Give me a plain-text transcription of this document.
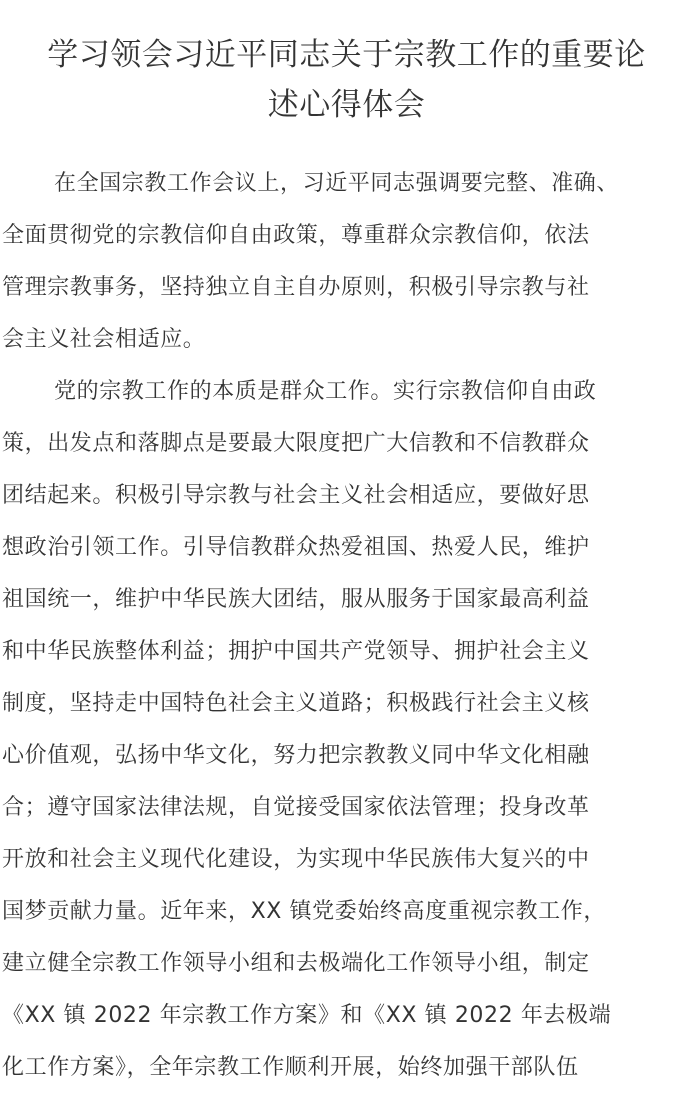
学习领会习近平同志关于宗教工作的重要论
述心得体会
在全国宗教工作会议上，习近平同志强调要完整、准确、
全面贯彻党的宗教信仰自由政策，尊重群众宗教信仰，依法
管理宗教事务，坚持独立自主自办原则，积极引导宗教与社
会主义社会相适应。
党的宗教工作的本质是群众工作。实行宗教信仰自由政
策，出发点和落脚点是要最大限度把广大信教和不信教群众
团结起来。积极引导宗教与社会主义社会相适应，要做好思
想政治引领工作。引导信教群众热爱祖国、热爱人民，维护
祖国统一，维护中华民族大团结，服从服务于国家最高利益
和中华民族整体利益；拥护中国共产党领导、拥护社会主义
制度，坚持走中国特色社会主义道路；积极践行社会主义核
心价值观，弘扬中华文化，努力把宗教教义同中华文化相融
合；遵守国家法律法规，自觉接受国家依法管理；投身改革
开放和社会主义现代化建设，为实现中华民族伟大复兴的中
国梦贡献力量。近年来，XX 镇党委始终高度重视宗教工作，
建立健全宗教工作领导小组和去极端化工作领导小组，制定
《XX 镇 2022 年宗教工作方案》和《XX 镇 2022 年去极端
化工作方案》，全年宗教工作顺利开展，始终加强干部队伍
